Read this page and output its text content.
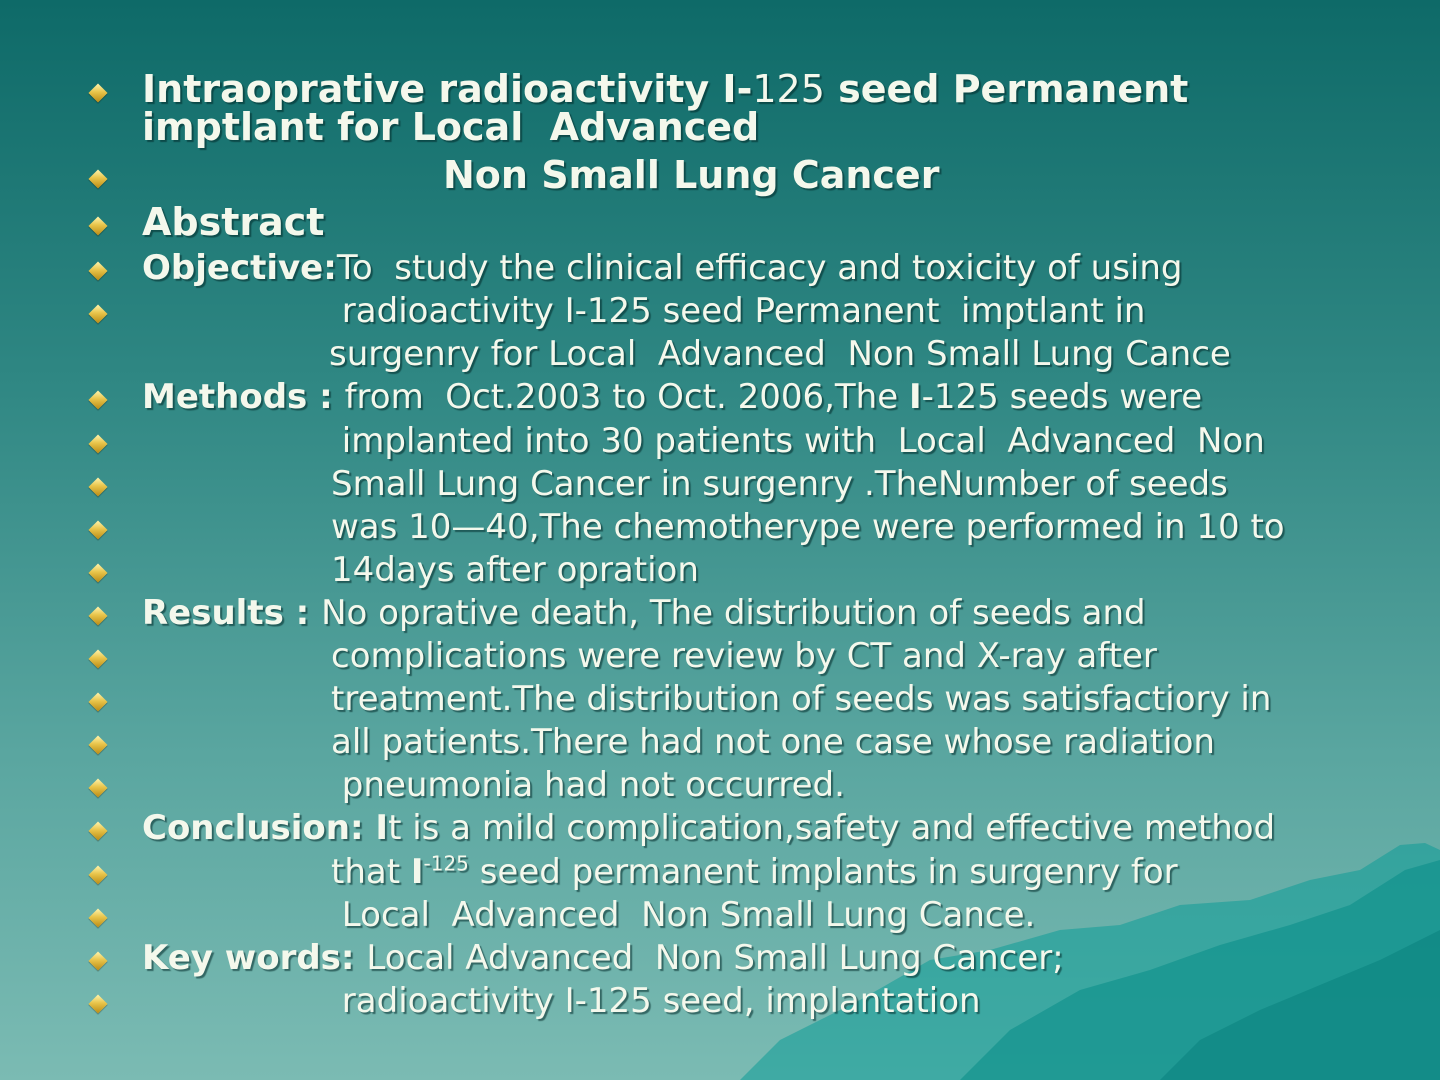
Intraoprative radioactivity I-125 seed Permanent
imptlant for Local  Advanced
Non Small Lung Cancer
Abstract
Objective:To  study the clinical efficacy and toxicity of using
radioactivity I-125 seed Permanent  imptlant in
surgenry for Local  Advanced  Non Small Lung Cance
Methods : from  Oct.2003 to Oct. 2006,The I-125 seeds were
implanted into 30 patients with  Local  Advanced  Non
Small Lung Cancer in surgenry .TheNumber of seeds
was 10—40,The chemotherype were performed in 10 to
14days after opration
Results : No oprative death, The distribution of seeds and
complications were review by CT and X-ray after
treatment.The distribution of seeds was satisfactiory in
all patients.There had not one case whose radiation
pneumonia had not occurred.
Conclusion: It is a mild complication,safety and effective method
that $I^{-125}$ seed permanent implants in surgenry for
Local  Advanced  Non Small Lung Cance.
Key words: Local Advanced  Non Small Lung Cancer;
radioactivity I-125 seed, implantation
